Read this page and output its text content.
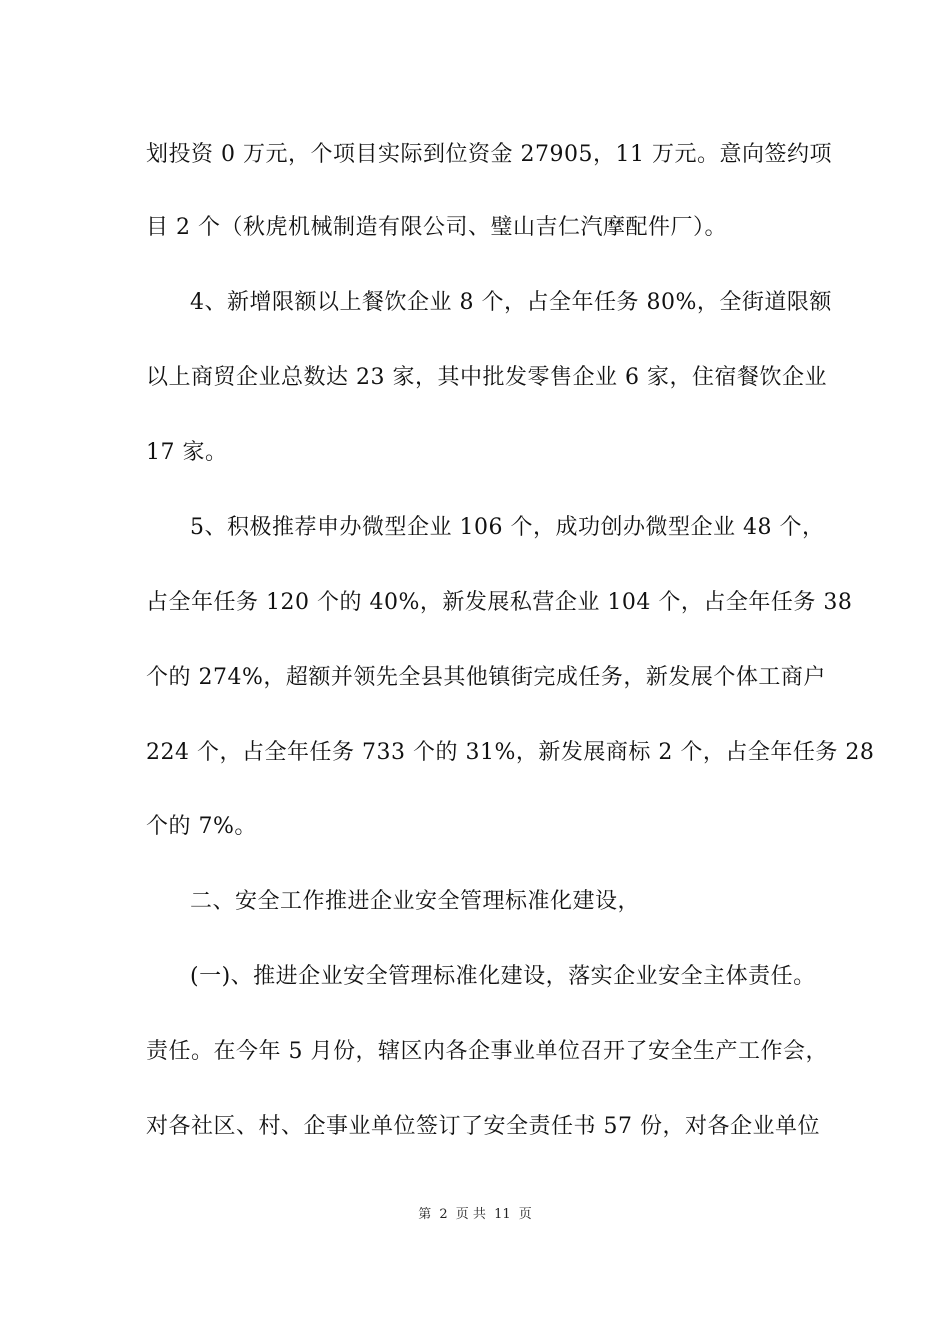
划投资 0 万元，个项目实际到位资金 27905，11 万元。意向签约项
目 2 个（秋虎机械制造有限公司、璧山吉仁汽摩配件厂）。
4、新增限额以上餐饮企业 8 个，占全年任务 80%，全街道限额
以上商贸企业总数达 23 家，其中批发零售企业 6 家，住宿餐饮企业
17 家。
5、积极推荐申办微型企业 106 个，成功创办微型企业 48 个，
占全年任务 120 个的 40%，新发展私营企业 104 个，占全年任务 38
个的 274%，超额并领先全县其他镇街完成任务，新发展个体工商户
224 个，占全年任务 733 个的 31%，新发展商标 2 个，占全年任务 28
个的 7%。
二、安全工作推进企业安全管理标准化建设，
(一)、推进企业安全管理标准化建设，落实企业安全主体责任。
责任。在今年 5 月份，辖区内各企事业单位召开了安全生产工作会，
对各社区、村、企事业单位签订了安全责任书 57 份，对各企业单位
第 2 页 共 11 页
